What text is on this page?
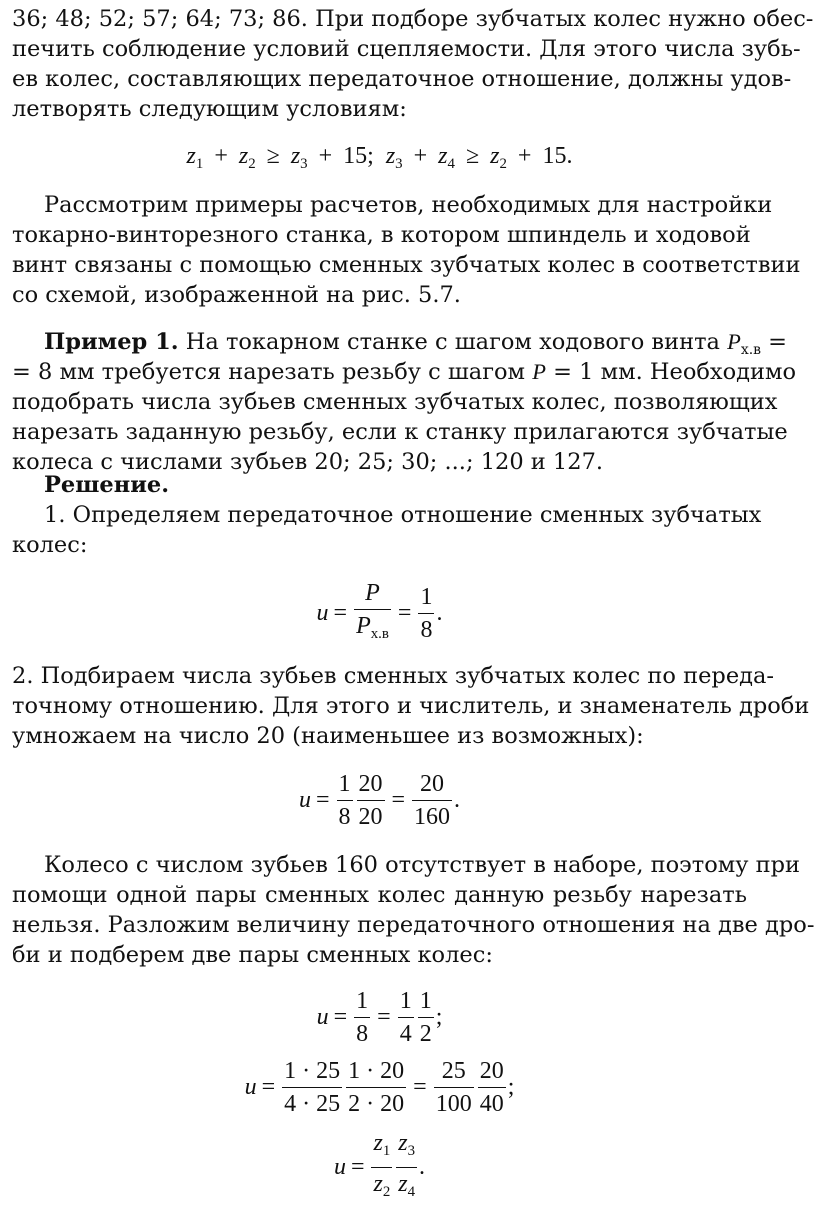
36; 48; 52; 57; 64; 73; 86. При подборе зубчатых колес нужно обес-
печить соблюдение условий сцепляемости. Для этого числа зубь-
ев колес, составляющих передаточное отношение, должны удов-
летворять следующим условиям:
$z_1 + z_2 \ge z_3 + 15$; $z_3 + z_4 \ge z_2 + 15$.
Рассмотрим примеры расчетов, необходимых для настройки
токарно-винторезного станка, в котором шпиндель и ходовой
винт связаны с помощью сменных зубчатых колес в соответствии
со схемой, изображенной на рис. 5.7.
Пример 1. На токарном станке с шагом ходового винта $P_{х.в}$ =
= 8 мм требуется нарезать резьбу с шагом P = 1 мм. Необходимо
подобрать числа зубьев сменных зубчатых колес, позволяющих
нарезать заданную резьбу, если к станку прилагаются зубчатые
колеса с числами зубьев 20; 25; 30; ...; 120 и 127.
Решение.
1. Определяем передаточное отношение сменных зубчатых
колес:
$u = \frac{P}{P_{х.в}} = \frac{1}{8}$ .
2. Подбираем числа зубьев сменных зубчатых колес по переда-
точному отношению. Для этого и числитель, и знаменатель дроби
умножаем на число 20 (наименьшее из возможных):
$u = \frac{1}{8} \frac{20}{20} = \frac{20}{160}$ .
Колесо с числом зубьев 160 отсутствует в наборе, поэтому при
помощи одной пары сменных колес данную резьбу нарезать
нельзя. Разложим величину передаточного отношения на две дро-
би и подберем две пары сменных колес:
$u = \frac{1}{8} = \frac{1}{4} \frac{1}{2}$ ;
$u = \frac{1 \cdot 25}{4 \cdot 25} \frac{1 \cdot 20}{2 \cdot 20} = \frac{25}{100} \frac{20}{40}$ ;
$u = \frac{z_1}{z_2} \frac{z_3}{z_4}$ .
